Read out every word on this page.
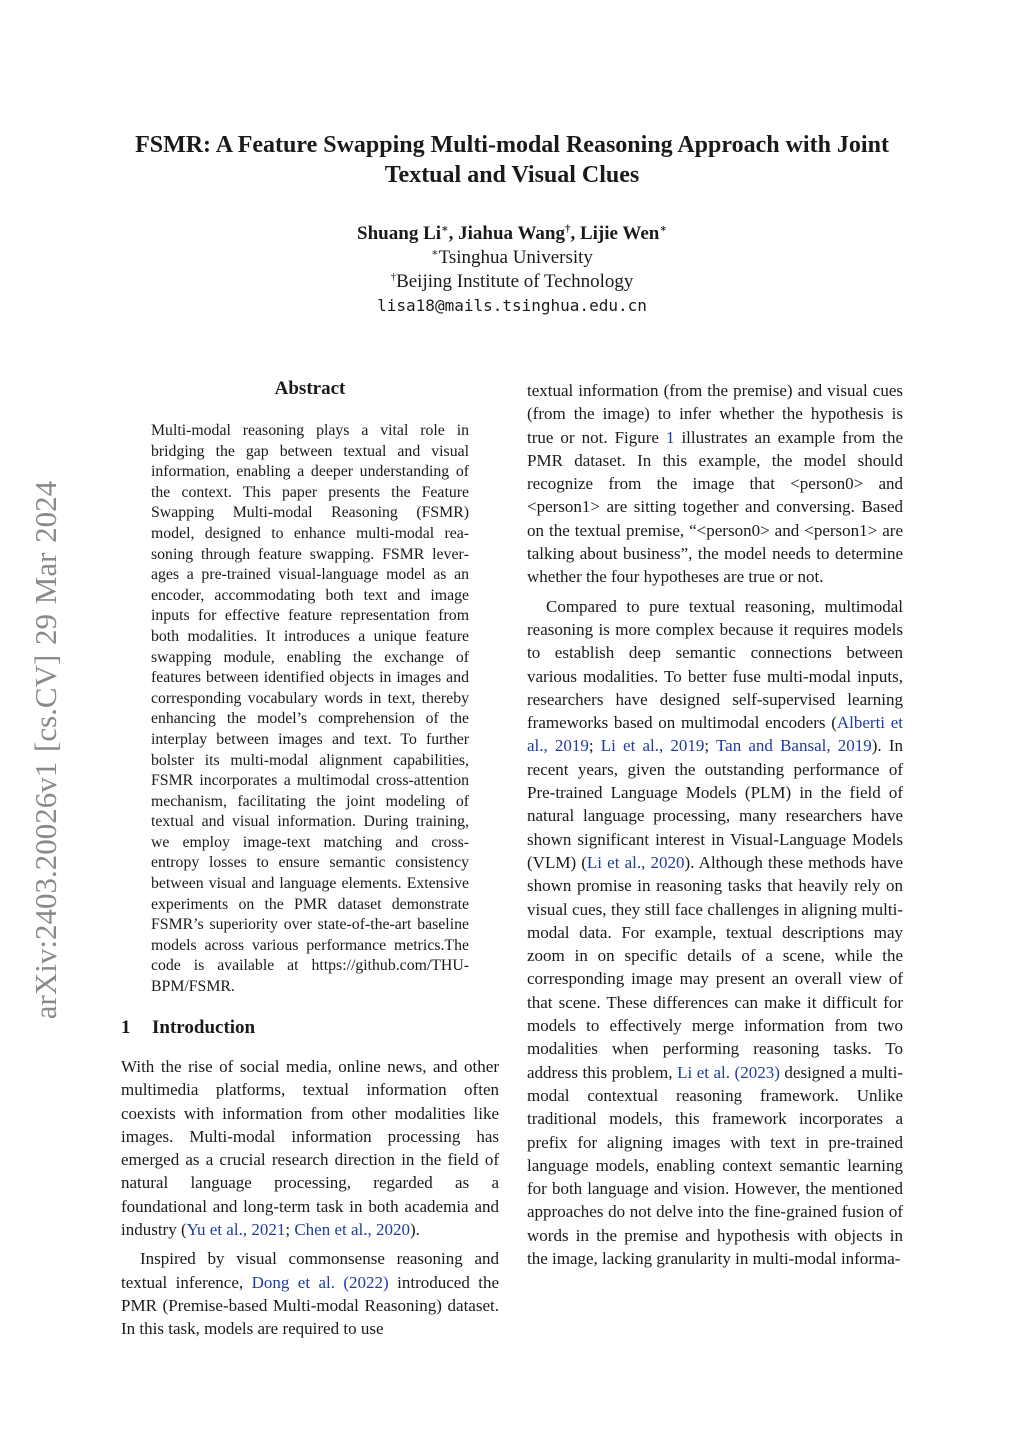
arXiv:2403.20026v1 [cs.CV] 29 Mar 2024
FSMR: A Feature Swapping Multi-modal Reasoning Approach with Joint
Textual and Visual Clues
Shuang Li∗, Jiahua Wang†, Lijie Wen∗
∗Tsinghua University
†Beijing Institute of Technology
lisa18@mails.tsinghua.edu.cn
Abstract
Multi-modal reasoning plays a vital role in bridging the gap between textual and visual information, enabling a deeper understanding of the context. This paper presents the Feature Swapping Multi-modal Reasoning (FSMR) model, designed to enhance multi-modal reasoning through feature swapping. FSMR leverages a pre-trained visual-language model as an encoder, accommodating both text and image inputs for effective feature representation from both modalities. It introduces a unique feature swapping module, enabling the exchange of features between identified objects in images and corresponding vocabulary words in text, thereby enhancing the model’s comprehension of the interplay between images and text. To further bolster its multi-modal alignment capabilities, FSMR incorporates a multimodal cross-attention mechanism, facilitating the joint modeling of textual and visual information. During training, we employ image-text matching and cross-entropy losses to ensure semantic consistency between visual and language elements. Extensive experiments on the PMR dataset demonstrate FSMR’s superiority over state-of-the-art baseline models across various performance metrics.The code is available at https://github.com/THU-BPM/FSMR.
1 Introduction

With the rise of social media, online news, and other multimedia platforms, textual information often coexists with information from other modalities like images. Multi-modal information processing has emerged as a crucial research direction in the field of natural language processing, regarded as a foundational and long-term task in both academia and industry (Yu et al., 2021; Chen et al., 2020).

Inspired by visual commonsense reasoning and textual inference, Dong et al. (2022) introduced the PMR (Premise-based Multi-modal Reasoning) dataset. In this task, models are required to use

textual information (from the premise) and visual cues (from the image) to infer whether the hypothesis is true or not. Figure 1 illustrates an example from the PMR dataset. In this example, the model should recognize from the image that <person0> and <person1> are sitting together and conversing. Based on the textual premise, “<person0> and <person1> are talking about business”, the model needs to determine whether the four hypotheses are true or not.

Compared to pure textual reasoning, multimodal reasoning is more complex because it requires models to establish deep semantic connections between various modalities. To better fuse multi-modal inputs, researchers have designed self-supervised learning frameworks based on multimodal encoders (Alberti et al., 2019; Li et al., 2019; Tan and Bansal, 2019). In recent years, given the outstanding performance of Pre-trained Language Models (PLM) in the field of natural language processing, many researchers have shown significant interest in Visual-Language Models (VLM) (Li et al., 2020). Although these methods have shown promise in reasoning tasks that heavily rely on visual cues, they still face challenges in aligning multi-modal data. For example, textual descriptions may zoom in on specific details of a scene, while the corresponding image may present an overall view of that scene. These differences can make it difficult for models to effectively merge information from two modalities when performing reasoning tasks. To address this problem, Li et al. (2023) designed a multi-modal contextual reasoning framework. Unlike traditional models, this framework incorporates a prefix for aligning images with text in pre-trained language models, enabling context semantic learning for both language and vision. However, the mentioned approaches do not delve into the fine-grained fusion of words in the premise and hypothesis with objects in the image, lacking granularity in multi-modal informa-
